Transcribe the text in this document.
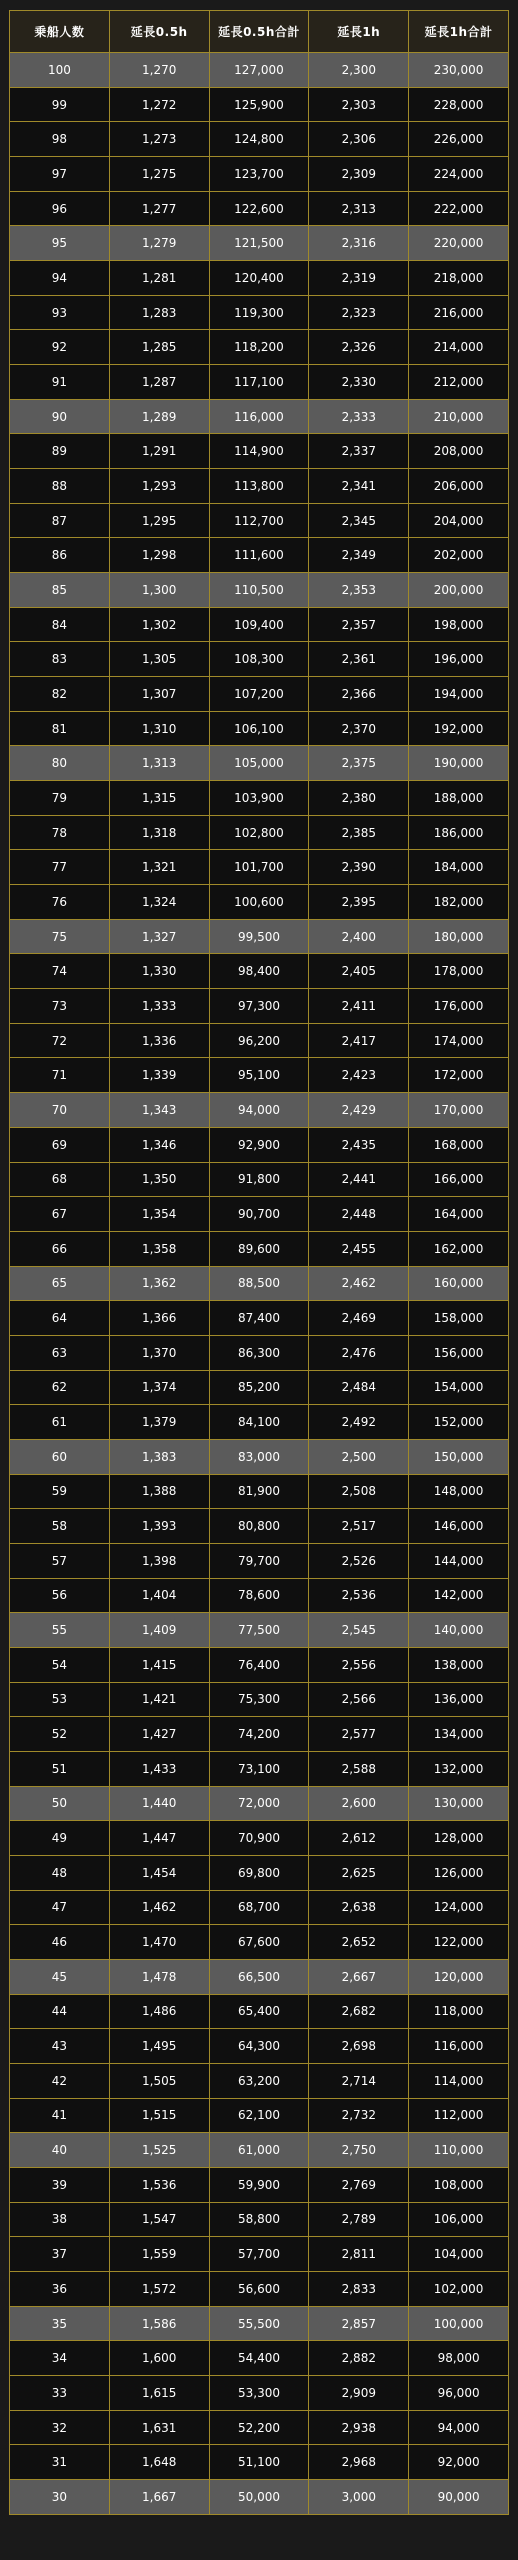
乗船人数	延長0.5h	延長0.5h合計	延長1h	延長1h合計
100	1,270	127,000	2,300	230,000
99	1,272	125,900	2,303	228,000
98	1,273	124,800	2,306	226,000
97	1,275	123,700	2,309	224,000
96	1,277	122,600	2,313	222,000
95	1,279	121,500	2,316	220,000
94	1,281	120,400	2,319	218,000
93	1,283	119,300	2,323	216,000
92	1,285	118,200	2,326	214,000
91	1,287	117,100	2,330	212,000
90	1,289	116,000	2,333	210,000
89	1,291	114,900	2,337	208,000
88	1,293	113,800	2,341	206,000
87	1,295	112,700	2,345	204,000
86	1,298	111,600	2,349	202,000
85	1,300	110,500	2,353	200,000
84	1,302	109,400	2,357	198,000
83	1,305	108,300	2,361	196,000
82	1,307	107,200	2,366	194,000
81	1,310	106,100	2,370	192,000
80	1,313	105,000	2,375	190,000
79	1,315	103,900	2,380	188,000
78	1,318	102,800	2,385	186,000
77	1,321	101,700	2,390	184,000
76	1,324	100,600	2,395	182,000
75	1,327	99,500	2,400	180,000
74	1,330	98,400	2,405	178,000
73	1,333	97,300	2,411	176,000
72	1,336	96,200	2,417	174,000
71	1,339	95,100	2,423	172,000
70	1,343	94,000	2,429	170,000
69	1,346	92,900	2,435	168,000
68	1,350	91,800	2,441	166,000
67	1,354	90,700	2,448	164,000
66	1,358	89,600	2,455	162,000
65	1,362	88,500	2,462	160,000
64	1,366	87,400	2,469	158,000
63	1,370	86,300	2,476	156,000
62	1,374	85,200	2,484	154,000
61	1,379	84,100	2,492	152,000
60	1,383	83,000	2,500	150,000
59	1,388	81,900	2,508	148,000
58	1,393	80,800	2,517	146,000
57	1,398	79,700	2,526	144,000
56	1,404	78,600	2,536	142,000
55	1,409	77,500	2,545	140,000
54	1,415	76,400	2,556	138,000
53	1,421	75,300	2,566	136,000
52	1,427	74,200	2,577	134,000
51	1,433	73,100	2,588	132,000
50	1,440	72,000	2,600	130,000
49	1,447	70,900	2,612	128,000
48	1,454	69,800	2,625	126,000
47	1,462	68,700	2,638	124,000
46	1,470	67,600	2,652	122,000
45	1,478	66,500	2,667	120,000
44	1,486	65,400	2,682	118,000
43	1,495	64,300	2,698	116,000
42	1,505	63,200	2,714	114,000
41	1,515	62,100	2,732	112,000
40	1,525	61,000	2,750	110,000
39	1,536	59,900	2,769	108,000
38	1,547	58,800	2,789	106,000
37	1,559	57,700	2,811	104,000
36	1,572	56,600	2,833	102,000
35	1,586	55,500	2,857	100,000
34	1,600	54,400	2,882	98,000
33	1,615	53,300	2,909	96,000
32	1,631	52,200	2,938	94,000
31	1,648	51,100	2,968	92,000
30	1,667	50,000	3,000	90,000
